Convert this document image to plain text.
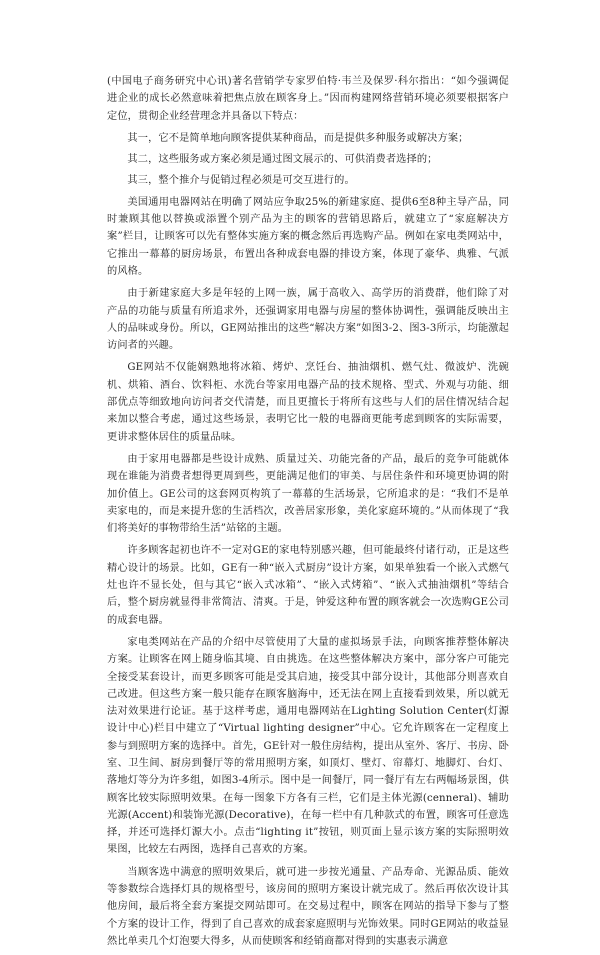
(中国电子商务研究中心讯)著名营销学专家罗伯特·韦兰及保罗·科尔指出：“如今强调促进企业的成长必然意味着把焦点放在顾客身上。”因而构建网络营销环境必须要根据客户定位，贯彻企业经营理念并具备以下特点：

其一，它不是简单地向顾客提供某种商品，而是提供多种服务或解决方案；

其二，这些服务或方案必须是通过图文展示的、可供消费者选择的；

其三，整个推介与促销过程必须是可交互进行的。

美国通用电器网站在明确了网站应争取25%的新建家庭、提供6至8种主导产品，同时兼顾其他以替换或添置个别产品为主的顾客的营销思路后，就建立了“家庭解决方案”栏目，让顾客可以先有整体实施方案的概念然后再选购产品。例如在家电类网站中，它推出一幕幕的厨房场景，布置出各种成套电器的排设方案，体现了豪华、典雅、气派的风格。

由于新建家庭大多是年轻的上网一族，属于高收入、高学历的消费群，他们除了对产品的功能与质量有所追求外，还强调家用电器与房屋的整体协调性，强调能反映出主人的品味或身份。所以，GE网站推出的这些“解决方案”如图3-2、图3-3所示，均能激起访问者的兴趣。

GE网站不仅能娴熟地将冰箱、烤炉、烹饪台、抽油烟机、燃气灶、微波炉、洗碗机、烘箱、酒台、饮料柜、水洗台等家用电器产品的技术规格、型式、外观与功能、细部优点等细致地向访问者交代清楚，而且更擅长于将所有这些与人们的居住情况结合起来加以整合考虑，通过这些场景，表明它比一般的电器商更能考虑到顾客的实际需要，更讲求整体居住的质量品味。

由于家用电器都是些设计成熟、质量过关、功能完备的产品，最后的竞争可能就体现在谁能为消费者想得更周到些，更能满足他们的审美、与居住条件和环境更协调的附加价值上。GE公司的这套网页构筑了一幕幕的生活场景，它所追求的是：“我们不是单卖家电的，而是来提升您的生活档次，改善居家形象，美化家庭环境的。”从而体现了“我们将美好的事物带给生活”站铭的主题。

许多顾客起初也许不一定对GE的家电特别感兴趣，但可能最终付诸行动，正是这些精心设计的场景。比如，GE有一种“嵌入式厨房”设计方案，如果单独看一个嵌入式燃气灶也许不显长处，但与其它“嵌入式冰箱”、“嵌入式烤箱”、“嵌入式抽油烟机”等结合后，整个厨房就显得非常简洁、清爽。于是，钟爱这种布置的顾客就会一次选购GE公司的成套电器。

家电类网站在产品的介绍中尽管使用了大量的虚拟场景手法，向顾客推荐整体解决方案。让顾客在网上随身临其境、自由挑选。在这些整体解决方案中，部分客户可能完全接受某套设计，而更多顾客可能是受其启迪，接受其中部分设计，其他部分则喜欢自己改进。但这些方案一般只能存在顾客脑海中，还无法在网上直接看到效果，所以就无法对效果进行论证。基于这样考虑，通用电器网站在Lighting Solution Center(灯源设计中心)栏目中建立了“Virtual lighting designer”中心。它允许顾客在一定程度上参与到照明方案的选择中。首先，GE针对一般住房结构，提出从室外、客厅、书房、卧室、卫生间、厨房到餐厅等的常用照明方案，如顶灯、壁灯、帘幕灯、地脚灯、台灯、落地灯等分为许多组，如图3-4所示。图中是一间餐厅，同一餐厅有左右两幅场景图，供顾客比较实际照明效果。在每一图象下方各有三栏，它们是主体光源(cenneral)、辅助光源(Accent)和装饰光源(Decorative)，在每一栏中有几种款式的布置，顾客可任意选择，并还可选择灯源大小。点击“lighting it”按钮，则页面上显示该方案的实际照明效果图，比较左右两图，选择自己喜欢的方案。

当顾客选中满意的照明效果后，就可进一步按光通量、产品寿命、光源品质、能效等参数综合选择灯具的规格型号，该房间的照明方案设计就完成了。然后再依次设计其他房间，最后将全套方案提交网站即可。在交易过程中，顾客在网站的指导下参与了整个方案的设计工作，得到了自己喜欢的成套家庭照明与光饰效果。同时GE网站的收益显然比单卖几个灯泡要大得多，从而使顾客和经销商都对得到的实惠表示满意
